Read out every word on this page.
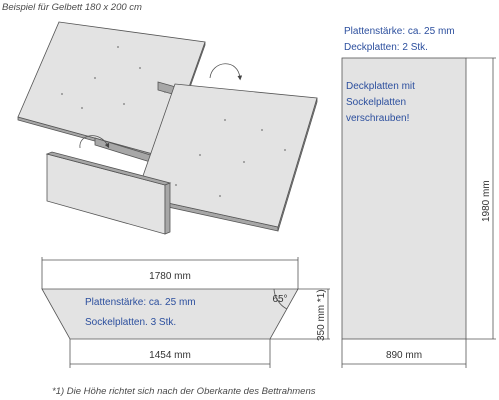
Beispiel für Gelbett 180 x 200 cm
1780 mm
Plattenstärke: ca. 25 mm
Sockelplatten. 3 Stk.
65°	350 mm *1)
1454 mm
Plattenstärke: ca. 25 mm
Deckplatten: 2 Stk.
Deckplatten mit
Sockelplatten
verschrauben!
1980 mm
890 mm
*1) Die Höhe richtet sich nach der Oberkante des Bettrahmens
